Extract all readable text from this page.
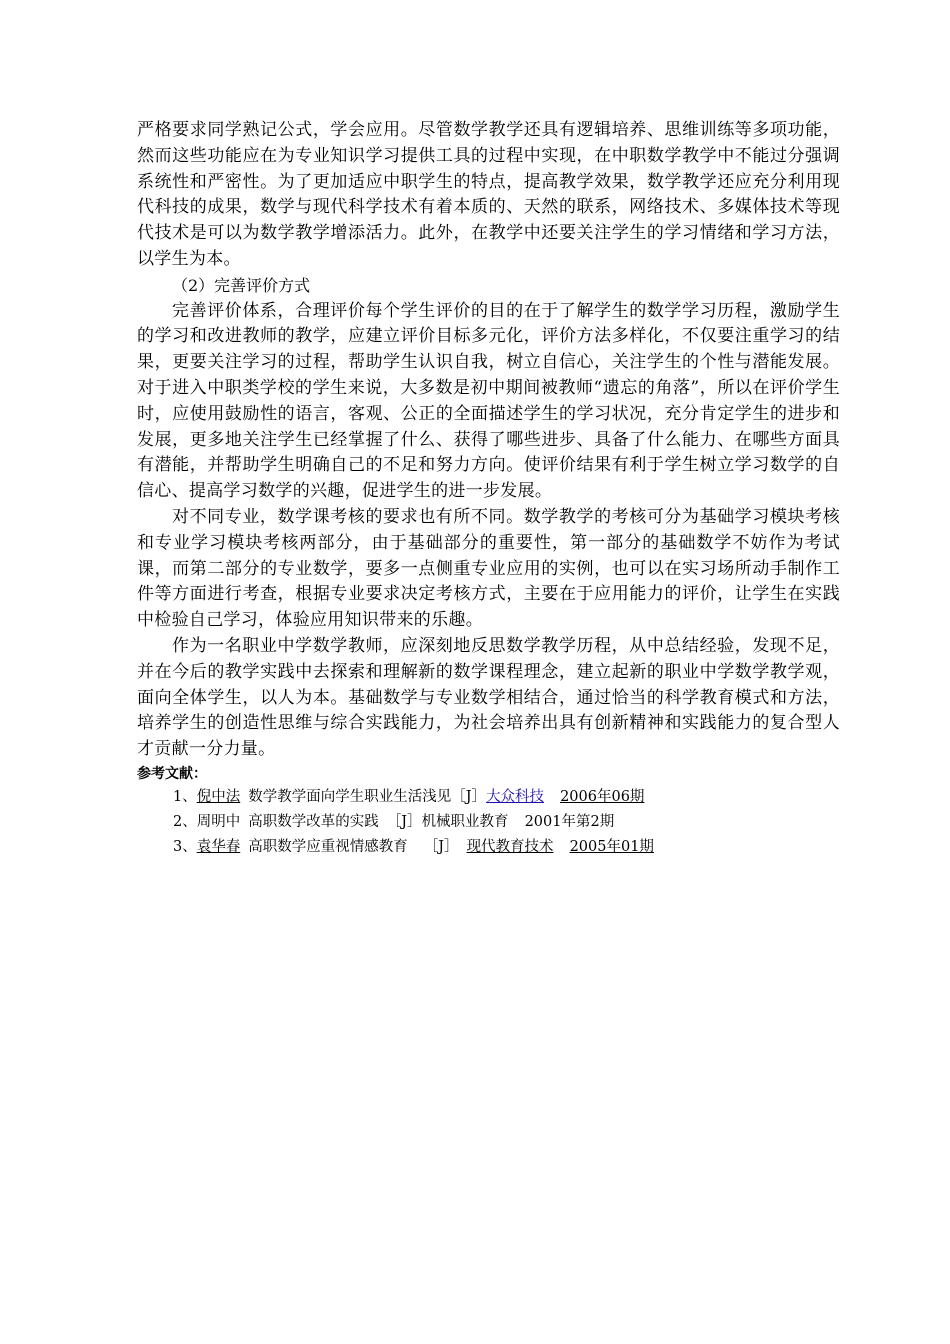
严格要求同学熟记公式，学会应用。尽管数学教学还具有逻辑培养、思维训练等多项功能，然而这些功能应在为专业知识学习提供工具的过程中实现，在中职数学教学中不能过分强调系统性和严密性。为了更加适应中职学生的特点，提高教学效果，数学教学还应充分利用现代科技的成果，数学与现代科学技术有着本质的、天然的联系，网络技术、多媒体技术等现代技术是可以为数学教学增添活力。此外，在教学中还要关注学生的学习情绪和学习方法，以学生为本。

（2）完善评价方式

完善评价体系，合理评价每个学生评价的目的在于了解学生的数学学习历程，激励学生的学习和改进教师的教学，应建立评价目标多元化，评价方法多样化，不仅要注重学习的结果，更要关注学习的过程，帮助学生认识自我，树立自信心，关注学生的个性与潜能发展。对于进入中职类学校的学生来说，大多数是初中期间被教师“遗忘的角落”，所以在评价学生时，应使用鼓励性的语言，客观、公正的全面描述学生的学习状况，充分肯定学生的进步和发展，更多地关注学生已经掌握了什么、获得了哪些进步、具备了什么能力、在哪些方面具有潜能，并帮助学生明确自己的不足和努力方向。使评价结果有利于学生树立学习数学的自信心、提高学习数学的兴趣，促进学生的进一步发展。

对不同专业，数学课考核的要求也有所不同。数学教学的考核可分为基础学习模块考核和专业学习模块考核两部分，由于基础部分的重要性，第一部分的基础数学不妨作为考试课，而第二部分的专业数学，要多一点侧重专业应用的实例，也可以在实习场所动手制作工件等方面进行考查，根据专业要求决定考核方式，主要在于应用能力的评价，让学生在实践中检验自己学习，体验应用知识带来的乐趣。

作为一名职业中学数学教师，应深刻地反思数学教学历程，从中总结经验，发现不足，并在今后的教学实践中去探索和理解新的数学课程理念，建立起新的职业中学数学教学观，面向全体学生，以人为本。基础数学与专业数学相结合，通过恰当的科学教育模式和方法，培养学生的创造性思维与综合实践能力，为社会培养出具有创新精神和实践能力的复合型人才贡献一分力量。

参考文献：

1、倪中法 数学教学面向学生职业生活浅见［J］大众科技 2006年06期
2、周明中 高职数学改革的实践 ［J］机械职业教育 2001年第2期
3、袁华春 高职数学应重视情感教育 ［J］ 现代教育技术 2005年01期
